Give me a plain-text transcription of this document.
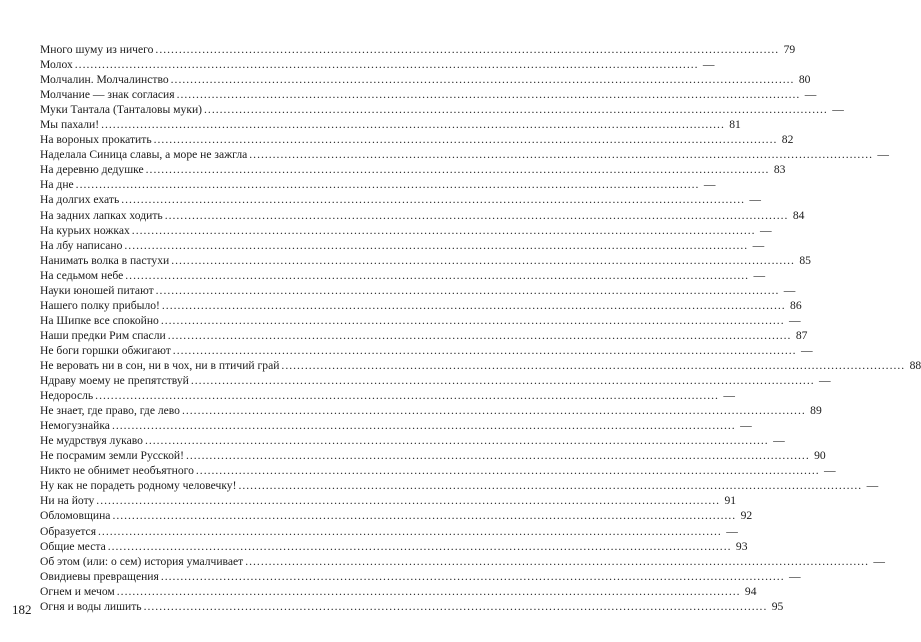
Много шуму из ничего .....	79
Молох .....	—
Молчалин. Молчалинство .....	80
Молчание — знак согласия .....	—
Муки Тантала (Танталовы муки) .....	—
Мы пахали! .....	81
На вороных прокатить .....	82
Наделала Синица славы, а море не зажгла .....	—
На деревню дедушке .....	83
На дне .....	—
На долгих ехать .....	—
На задних лапках ходить .....	84
На курьих ножках .....	—
На лбу написано .....	—
Нанимать волка в пастухи .....	85
На седьмом небе .....	—
Науки юношей питают .....	—
Нашего полку прибыло! .....	86
На Шипке все спокойно .....	—
Наши предки Рим спасли .....	87
Не боги горшки обжигают .....	—
Не веровать ни в сон, ни в чох, ни в птичий грай .....	88
Ндраву моему не препятствуй .....	—
Недоросль .....	—
Не знает, где право, где лево .....	89
Немогузнайка .....	—
Не мудрствуя лукаво .....	—
Не посрамим земли Русской! .....	90
Никто не обнимет необъятного .....	—
Ну как не порадеть родному человечку! .....	—
Ни на йоту .....	91
Обломовщина .....	92
Образуется .....	—
Общие места .....	93
Об этом (или: о сем) история умалчивает .....	—
Овидиевы превращения .....	—
Огнем и мечом .....	94
Огня и воды лишить .....	95
182
